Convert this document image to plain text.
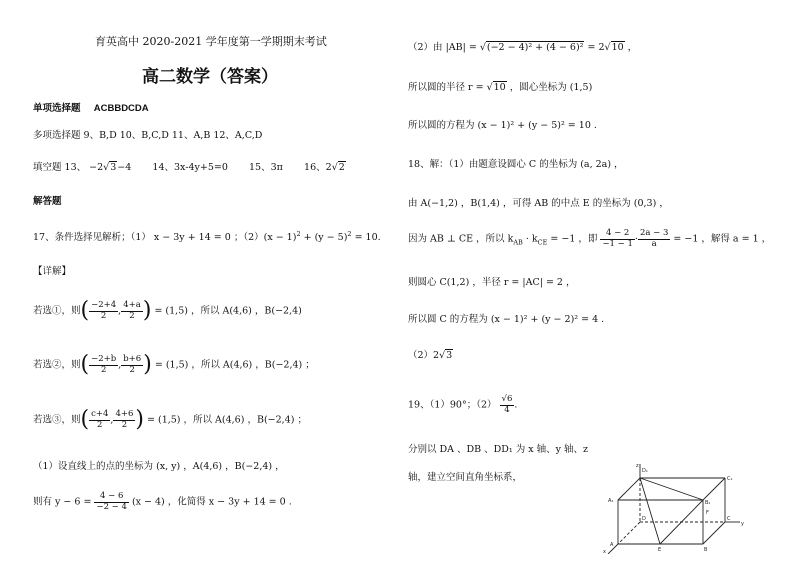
育英高中 2020-2021 学年度第一学期期末考试
高二数学（答案）
单项选择题 ACBBDCDA
多项选择题 9、B,D 10、B,C,D 11、A,B 12、A,C,D
填空题 13、 −2√3−4 14、3x-4y+5=0 15、3π 16、2√2
解答题
17、条件选择见解析；（1） x − 3y + 14 = 0 ；$(2)(x - 1)^2 + (y - 5)^2 = 10$.
【详解】
若选①，则( $\frac{-2+4}{2}$ , $\frac{4+a}{2}$ ) = (1,5) ，所以 A(4,6) ，B(−2,4)
若选②，则( $\frac{-2+b}{2}$ , $\frac{b+6}{2}$ ) = (1,5) ，所以 A(4,6) ，B(−2,4) ；
若选③，则( $\frac{c+4}{2}$ , $\frac{4+6}{2}$ ) = (1,5) ，所以 A(4,6) ，B(−2,4) ；
（1）设直线上的点的坐标为 (x, y) ，A(4,6) ，B(−2,4) ，
则有 $y - 6 = \frac{4 - 6}{-2 - 4} (x - 4)$ ，化简得 x − 3y + 14 = 0 .
（2）由 |AB| = √(−2 − 4)² + (4 − 6)² = 2√10 ，
所以圆的半径 r = √10 ，圆心坐标为 (1,5)
所以圆的方程为 (x − 1)² + (y − 5)² = 10 .
18、解：（1）由题意设圆心 C 的坐标为 (a, 2a) ，
由 A(−1,2) ，B(1,4) ，可得 AB 的中点 E 的坐标为 (0,3) ，
因为 AB ⊥ CE ，所以 $k_{AB} \cdot k_{CE} = -1$ ，即 $\frac{4 - 2}{-1 - 1} \cdot \frac{2a - 3}{a} = -1$ ，解得 a = 1 ，
则圆心 C(1,2) ，半径 r = |AC| = 2 ，
所以圆 C 的方程为 (x − 1)² + (y − 2)² = 4 .
（2）2√3
19、（1）90°；$(2) \frac{√6}{4}$ .
分别以 DA 、DB 、DD₁ 为 x 轴、y 轴、z
轴，建立空间直角坐标系，
D₁
C₁
B₁
A₁
D	C
A
E	B
F
x
y
z
